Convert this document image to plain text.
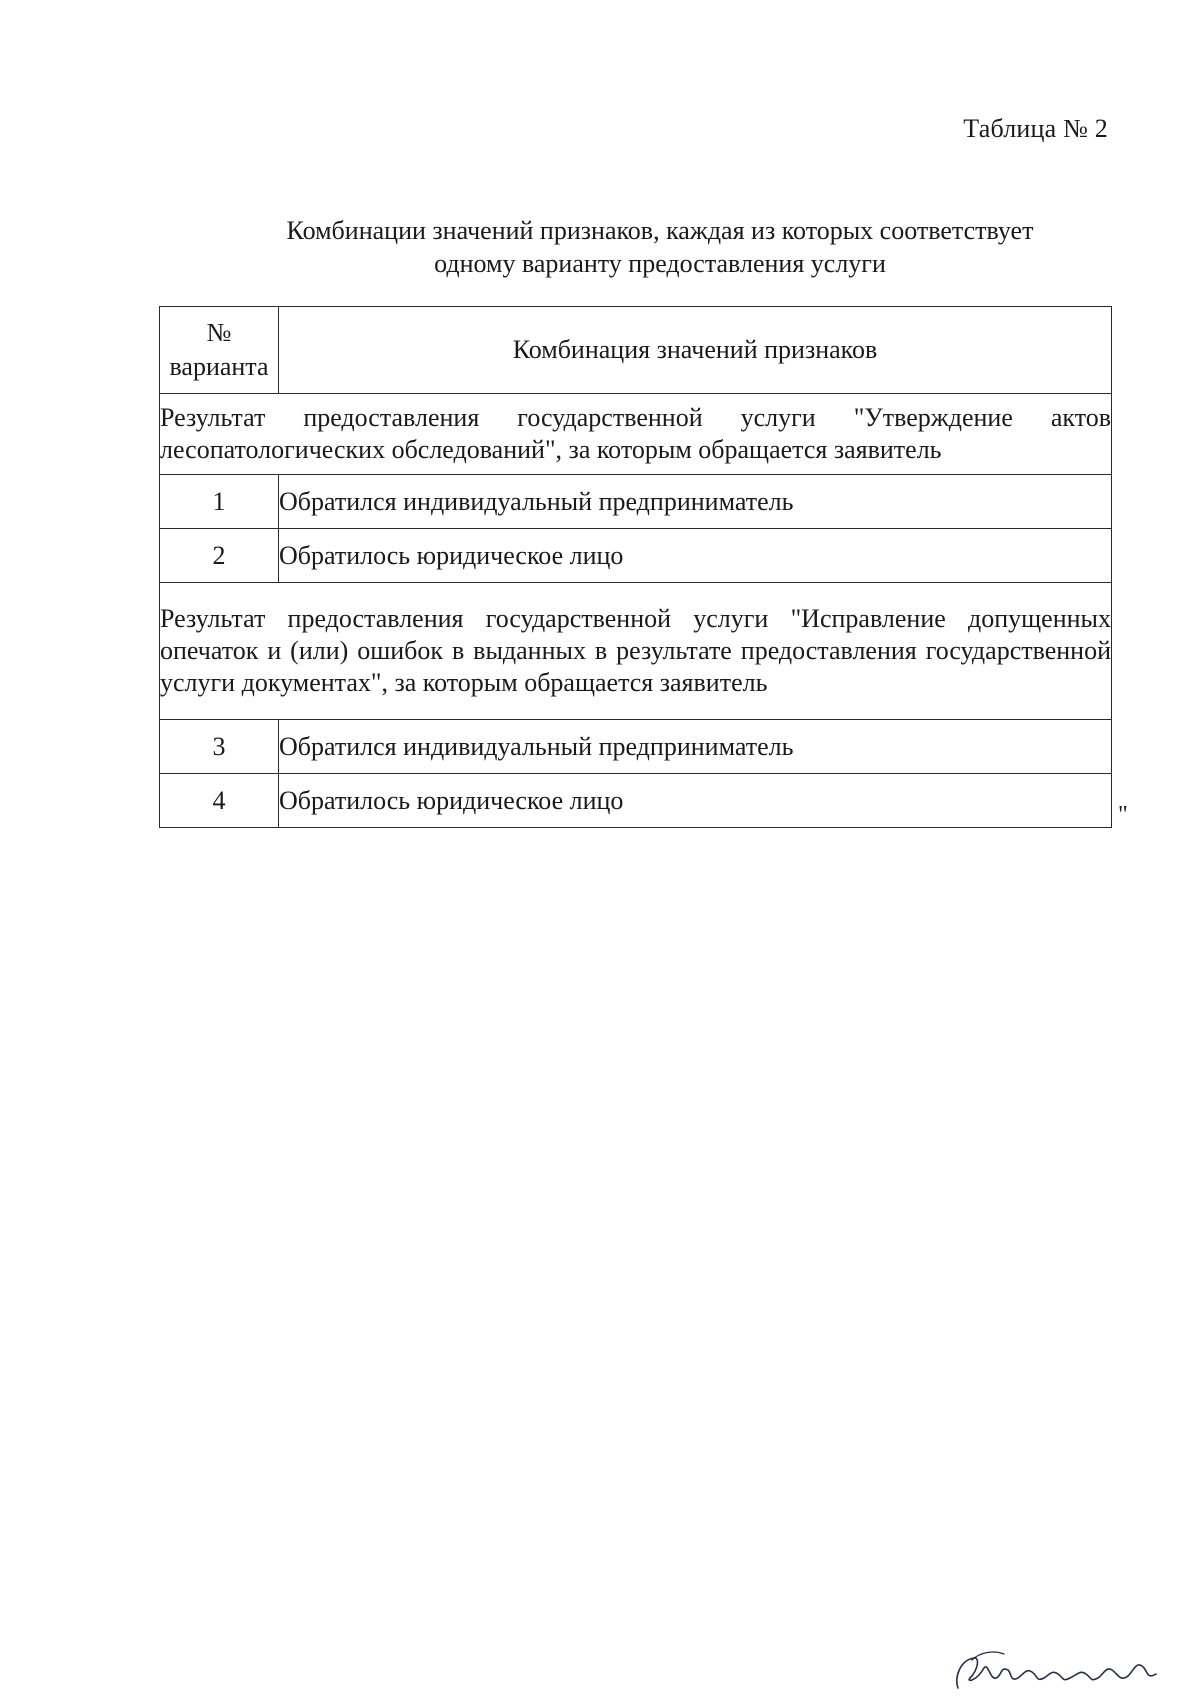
Таблица № 2
Комбинации значений признаков, каждая из которых соответствует
одному варианту предоставления услуги
№ варианта	Комбинация значений признаков
Результат предоставления государственной услуги "Утверждение актов лесопатологических обследований", за которым обращается заявитель	
1	Обратился индивидуальный предприниматель
2	Обратилось юридическое лицо
Результат предоставления государственной услуги "Исправление допущенных опечаток и (или) ошибок в выданных в результате предоставления государственной услуги документах", за которым обращается заявитель	
3	Обратился индивидуальный предприниматель
4	Обратилось юридическое лицо
"
